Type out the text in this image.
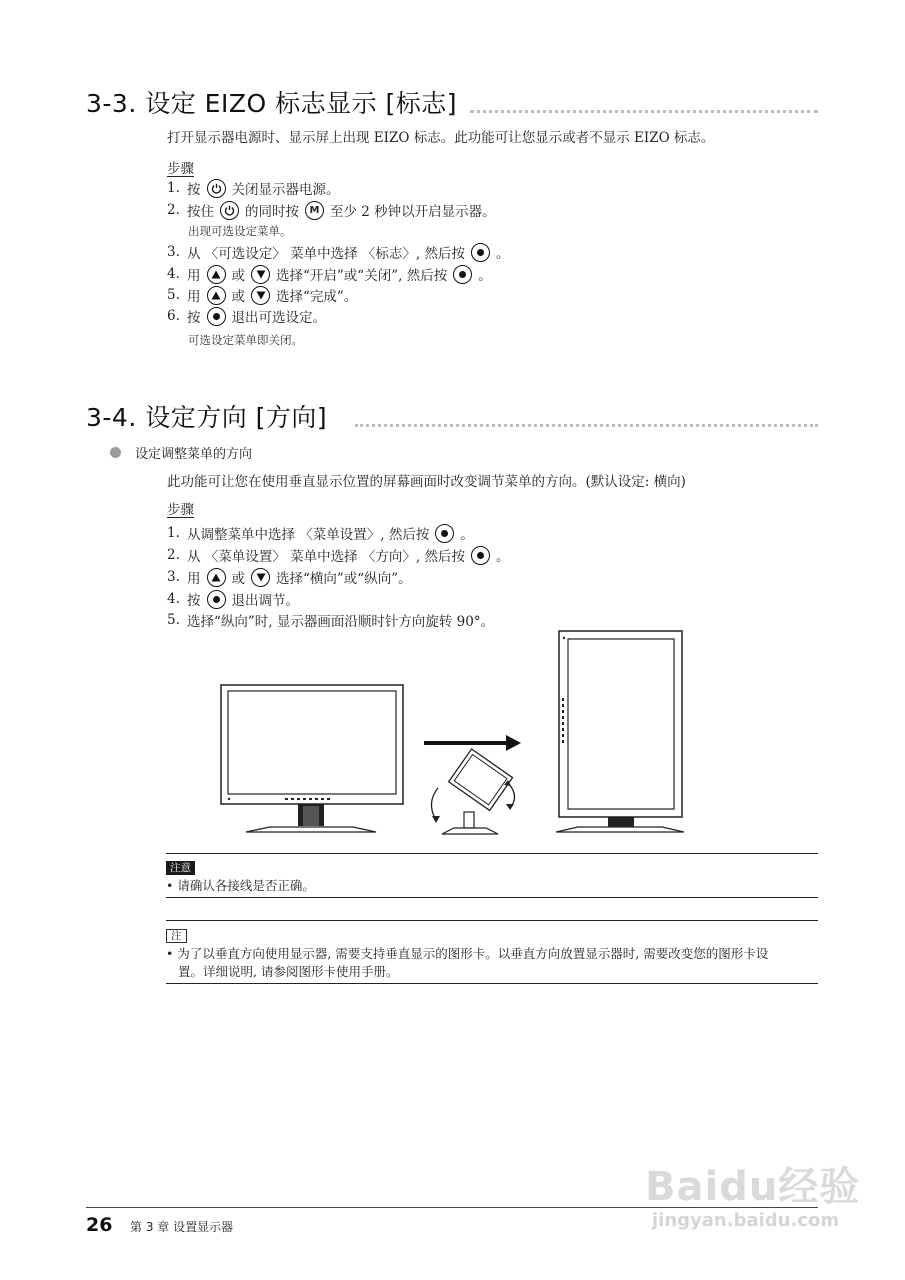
3-3. 设定 EIZO 标志显示 [标志]
打开显示器电源时、显示屏上出现 EIZO 标志。此功能可让您显示或者不显示 EIZO 标志。
步骤
1. 按 关闭显示器电源。
2. 按住 的同时按	M 至少 2 秒钟以开启显示器。
出现可选设定菜单。
3. 从 〈可选设定〉 菜单中选择 〈标志〉, 然后按 。
4. 用 或 选择“开启”或“关闭”, 然后按 。
5. 用 或 选择“完成”。
6. 按 退出可选设定。
可选设定菜单即关闭。
3-4. 设定方向 [方向]
设定调整菜单的方向
此功能可让您在使用垂直显示位置的屏幕画面时改变调节菜单的方向。(默认设定: 横向)
步骤
1. 从调整菜单中选择 〈菜单设置〉, 然后按 。
2. 从 〈菜单设置〉 菜单中选择 〈方向〉, 然后按 。
3. 用 或 选择“横向”或“纵向”。
4. 按 退出调节。
5. 选择“纵向”时, 显示器画面沿顺时针方向旋转 90°。
注意
• 请确认各接线是否正确。
注
• 为了以垂直方向使用显示器, 需要支持垂直显示的图形卡。以垂直方向放置显示器时, 需要改变您的图形卡设
置。详细说明, 请参阅图形卡使用手册。
Baidu经验
26 第 3 章 设置显示器	jingyan.baidu.com
